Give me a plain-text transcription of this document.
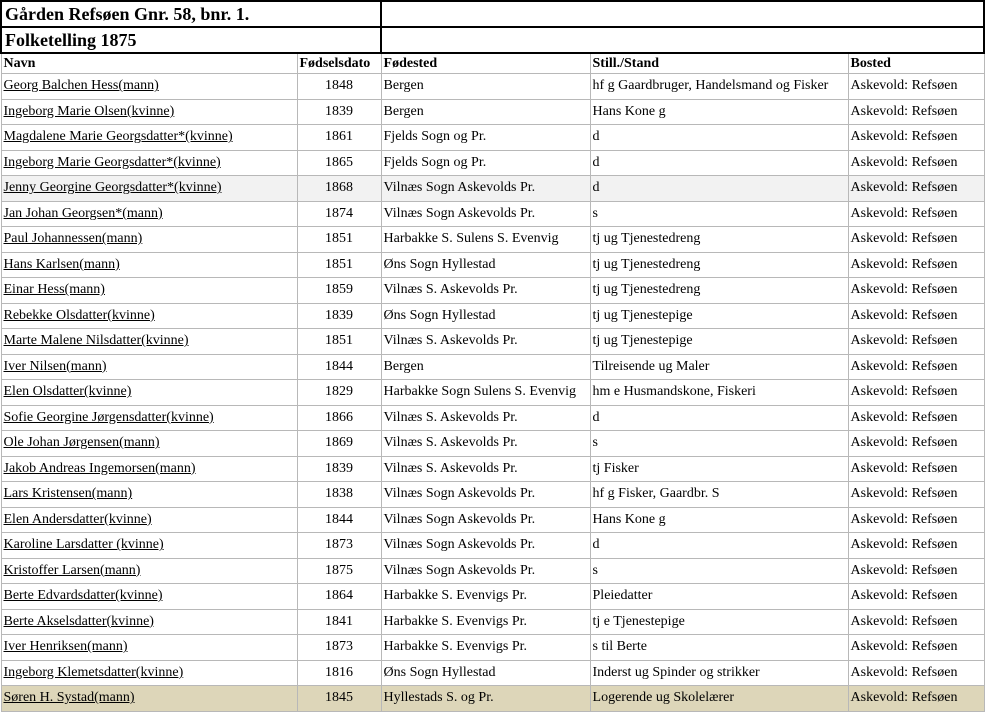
Gården Refsøen Gnr. 58, bnr. 1.				
Folketelling 1875				
Navn	Fødselsdato	Fødested	Still./Stand	Bosted
Georg Balchen Hess(mann)	1848	Bergen	hf g Gaardbruger, Handelsmand og Fisker	Askevold: Refsøen
Ingeborg Marie Olsen(kvinne)	1839	Bergen	Hans Kone g	Askevold: Refsøen
Magdalene Marie Georgsdatter*(kvinne)	1861	Fjelds Sogn og Pr.	d	Askevold: Refsøen
Ingeborg Marie Georgsdatter*(kvinne)	1865	Fjelds Sogn og Pr.	d	Askevold: Refsøen
Jenny Georgine Georgsdatter*(kvinne)	1868	Vilnæs Sogn Askevolds Pr.	d	Askevold: Refsøen
Jan Johan Georgsen*(mann)	1874	Vilnæs Sogn Askevolds Pr.	s	Askevold: Refsøen
Paul Johannessen(mann)	1851	Harbakke S. Sulens S. Evenvig	tj ug Tjenestedreng	Askevold: Refsøen
Hans Karlsen(mann)	1851	Øns Sogn Hyllestad	tj ug Tjenestedreng	Askevold: Refsøen
Einar Hess(mann)	1859	Vilnæs S. Askevolds Pr.	tj ug Tjenestedreng	Askevold: Refsøen
Rebekke Olsdatter(kvinne)	1839	Øns Sogn Hyllestad	tj ug Tjenestepige	Askevold: Refsøen
Marte Malene Nilsdatter(kvinne)	1851	Vilnæs S. Askevolds Pr.	tj ug Tjenestepige	Askevold: Refsøen
Iver Nilsen(mann)	1844	Bergen	Tilreisende ug Maler	Askevold: Refsøen
Elen Olsdatter(kvinne)	1829	Harbakke Sogn Sulens S. Evenvig	hm e Husmandskone, Fiskeri	Askevold: Refsøen
Sofie Georgine Jørgensdatter(kvinne)	1866	Vilnæs S. Askevolds Pr.	d	Askevold: Refsøen
Ole Johan Jørgensen(mann)	1869	Vilnæs S. Askevolds Pr.	s	Askevold: Refsøen
Jakob Andreas Ingemorsen(mann)	1839	Vilnæs S. Askevolds Pr.	tj Fisker	Askevold: Refsøen
Lars Kristensen(mann)	1838	Vilnæs Sogn Askevolds Pr.	hf g Fisker, Gaardbr. S	Askevold: Refsøen
Elen Andersdatter(kvinne)	1844	Vilnæs Sogn Askevolds Pr.	Hans Kone g	Askevold: Refsøen
Karoline Larsdatter (kvinne)	1873	Vilnæs Sogn Askevolds Pr.	d	Askevold: Refsøen
Kristoffer Larsen(mann)	1875	Vilnæs Sogn Askevolds Pr.	s	Askevold: Refsøen
Berte Edvardsdatter(kvinne)	1864	Harbakke S. Evenvigs Pr.	Pleiedatter	Askevold: Refsøen
Berte Akselsdatter(kvinne)	1841	Harbakke S. Evenvigs Pr.	tj e Tjenestepige	Askevold: Refsøen
Iver Henriksen(mann)	1873	Harbakke S. Evenvigs Pr.	s til Berte	Askevold: Refsøen
Ingeborg Klemetsdatter(kvinne)	1816	Øns Sogn Hyllestad	Inderst ug Spinder og strikker	Askevold: Refsøen
Søren H. Systad(mann)	1845	Hyllestads S. og Pr.	Logerende ug Skolelærer	Askevold: Refsøen
